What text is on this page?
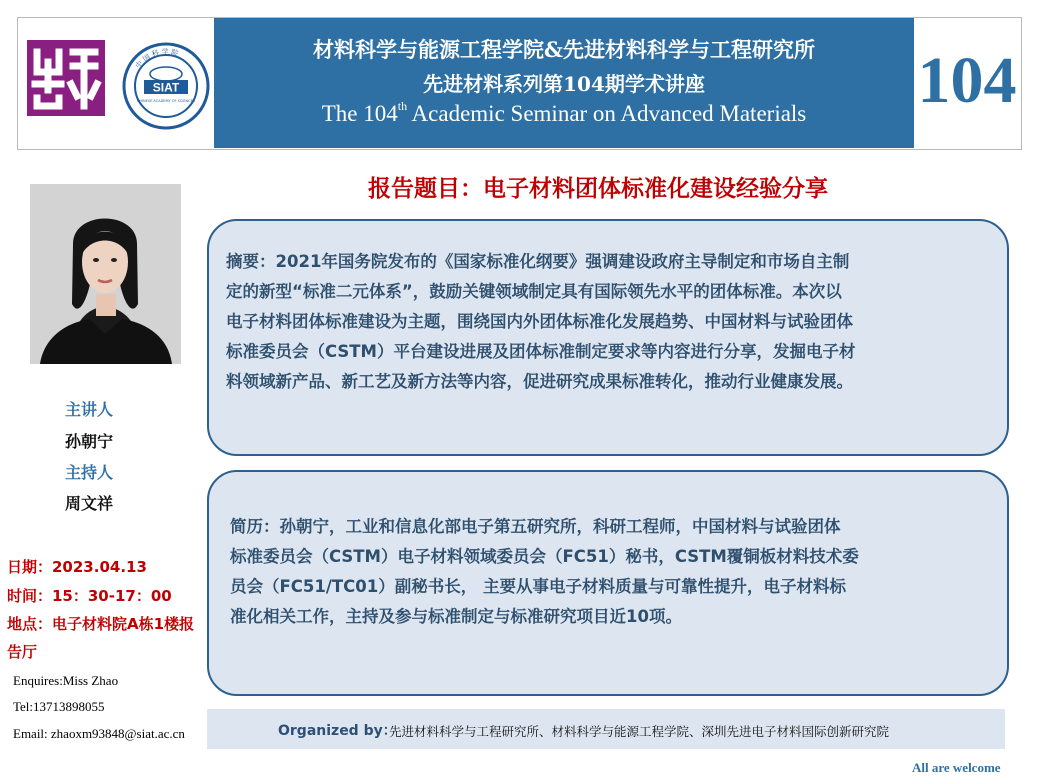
中 国 科 学 院
SIAT
CHINESE ACADEMY OF SCIENCES
材料科学与能源工程学院&先进材料科学与工程研究所
先进材料系列第104期学术讲座
The 104th Academic Seminar on Advanced Materials	104
报告题目：电子材料团体标准化建设经验分享
主讲人
孙朝宁
主持人
周文祥
日期：2023.04.13
时间：15：30-17：00
地点：电子材料院A栋1楼报
告厅
Enquires:Miss Zhao
Tel:13713898055
Email: zhaoxm93848@siat.ac.cn
摘要：2021年国务院发布的《国家标准化纲要》强调建设政府主导制定和市场自主制
定的新型“标准二元体系”，鼓励关键领域制定具有国际领先水平的团体标准。本次以
电子材料团体标准建设为主题，围绕国内外团体标准化发展趋势、中国材料与试验团体
标准委员会（CSTM）平台建设进展及团体标准制定要求等内容进行分享，发掘电子材
料领域新产品、新工艺及新方法等内容，促进研究成果标准转化，推动行业健康发展。
简历：孙朝宁，工业和信息化部电子第五研究所，科研工程师，中国材料与试验团体
标准委员会（CSTM）电子材料领域委员会（FC51）秘书，CSTM覆铜板材料技术委
员会（FC51/TC01）副秘书长， 主要从事电子材料质量与可靠性提升，电子材料标
准化相关工作，主持及参与标准制定与标准研究项目近10项。
Organized by：
先进材料科学与工程研究所、材料科学与能源工程学院、深圳先进电子材料国际创新研究院
All are welcome
